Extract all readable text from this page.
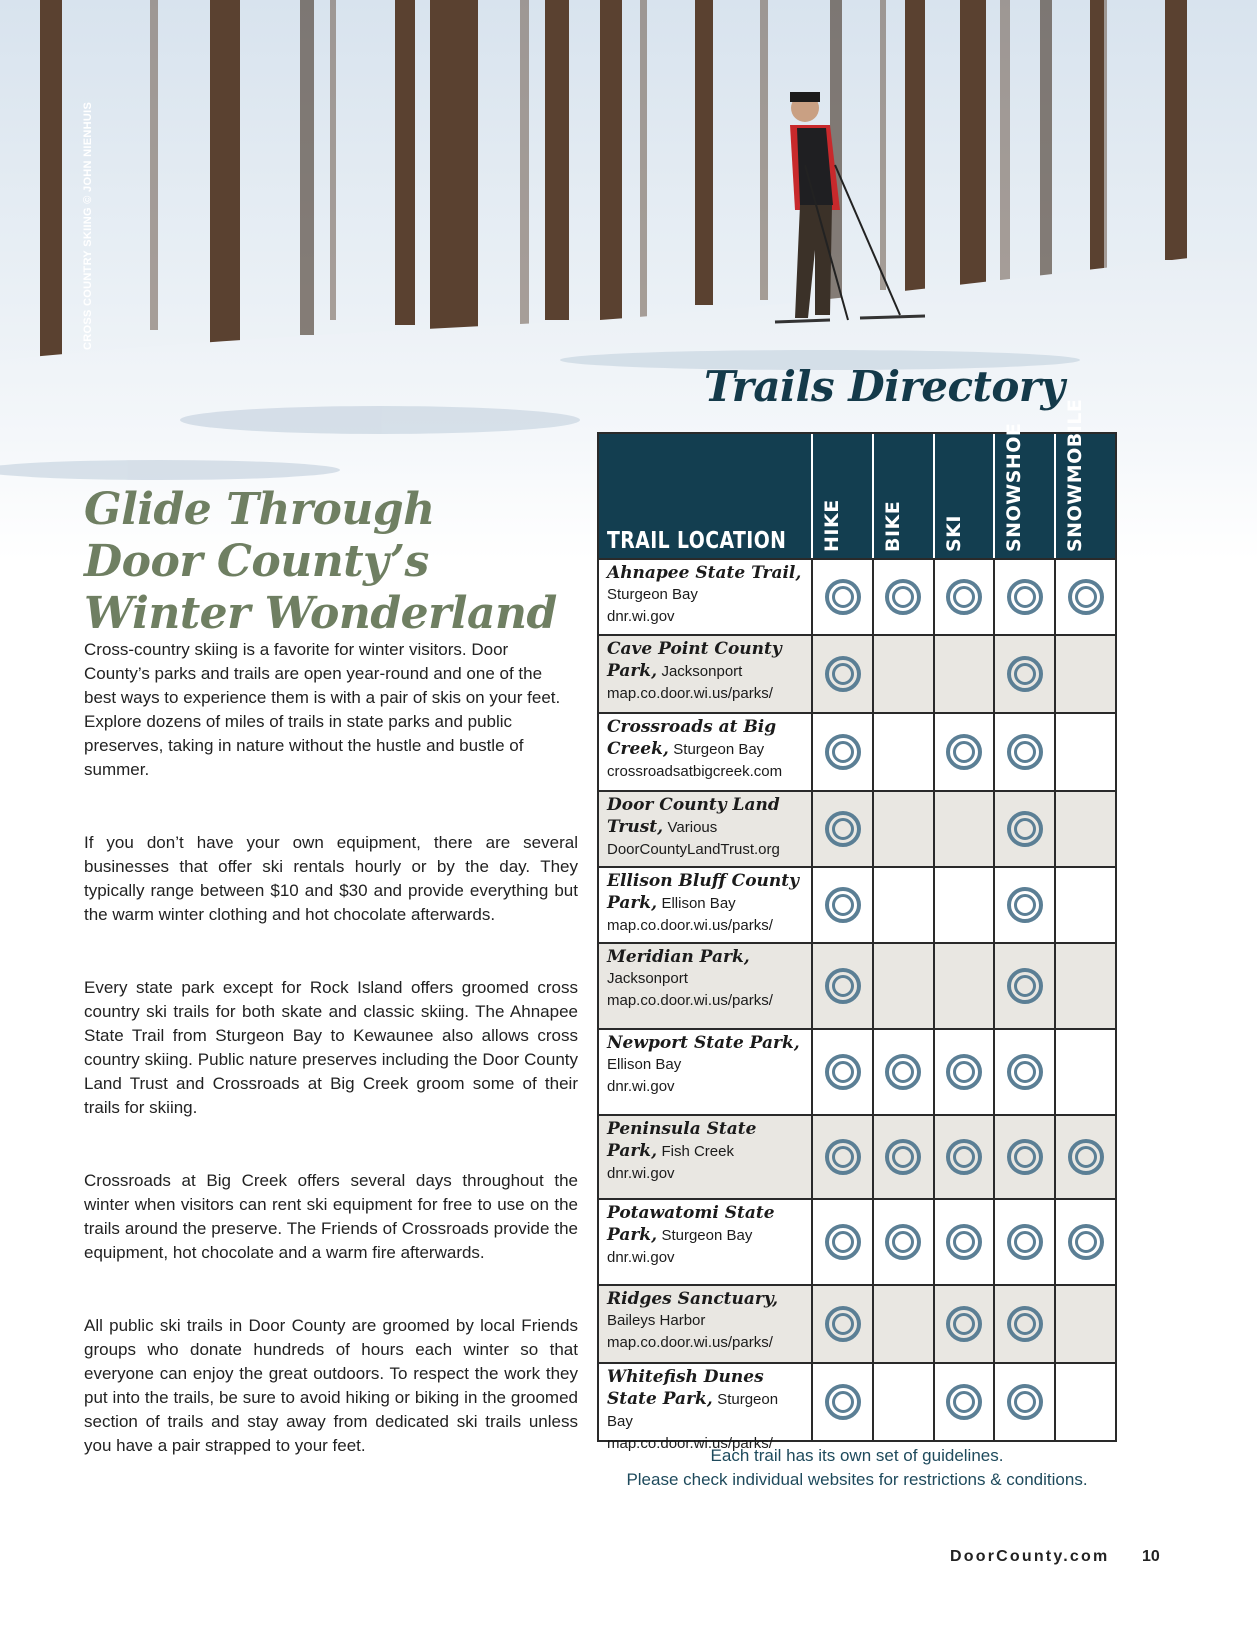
CROSS COUNTRY SKIING © JOHN NIENHUIS
Glide Through
Door County’s
Winter Wonderland

Cross-country skiing is a favorite for winter visitors. Door County’s parks and trails are open year-round and one of the best ways to experience them is with a pair of skis on your feet. Explore dozens of miles of trails in state parks and public preserves, taking in nature without the hustle and bustle of summer.

If you don’t have your own equipment, there are several businesses that offer ski rentals hourly or by the day. They typically range between $10 and $30 and provide everything but the warm winter clothing and hot chocolate afterwards.

Every state park except for Rock Island offers groomed cross country ski trails for both skate and classic skiing. The Ahnapee State Trail from Sturgeon Bay to Kewaunee also allows cross country skiing. Public nature preserves including the Door County Land Trust and Crossroads at Big Creek groom some of their trails for skiing.

Crossroads at Big Creek offers several days throughout the winter when visitors can rent ski equipment for free to use on the trails around the preserve. The Friends of Crossroads provide the equipment, hot chocolate and a warm fire afterwards.

All public ski trails in Door County are groomed by local Friends groups who donate hundreds of hours each winter so that everyone can enjoy the great outdoors. To respect the work they put into the trails, be sure to avoid hiking or biking in the groomed section of trails and stay away from dedicated ski trails unless you have a pair strapped to your feet.

Trails Directory
TRAIL LOCATION HIKE BIKE SKI SNOWSHOE SNOWMOBILE
Ahnapee State Trail, Sturgeon Bay
dnr.wi.gov
Cave Point County Park, Jacksonport
map.co.door.wi.us/parks/
Crossroads at Big Creek, Sturgeon Bay
crossroadsatbigcreek.com
Door County Land Trust, Various
DoorCountyLandTrust.org
Ellison Bluff County Park, Ellison Bay
map.co.door.wi.us/parks/
Meridian Park, Jacksonport
map.co.door.wi.us/parks/
Newport State Park, Ellison Bay
dnr.wi.gov
Peninsula State Park, Fish Creek
dnr.wi.gov
Potawatomi State Park, Sturgeon Bay
dnr.wi.gov
Ridges Sanctuary, Baileys Harbor
map.co.door.wi.us/parks/
Whitefish Dunes State Park, Sturgeon Bay
map.co.door.wi.us/parks/
Each trail has its own set of guidelines.
Please check individual websites for restrictions & conditions.
DoorCounty.com 10
